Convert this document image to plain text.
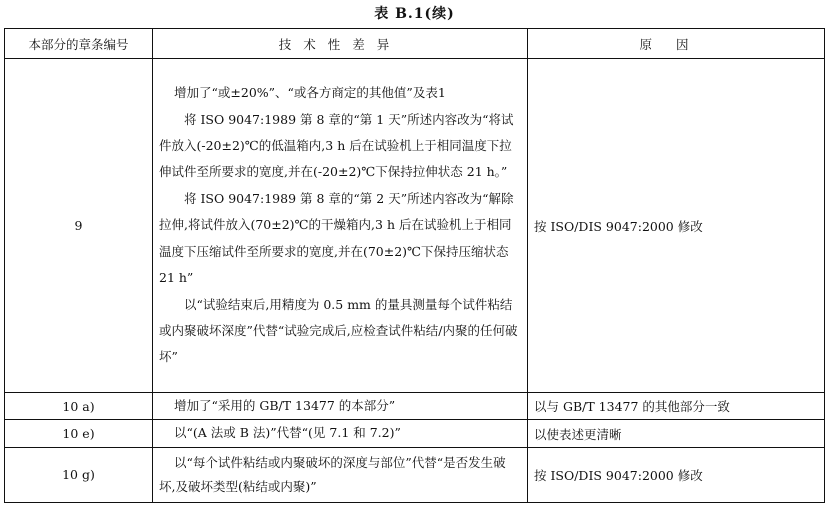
表 B.1(续)
本部分的章条编号	技术性差异	原因
9	增加了“或±20%”、“或各方商定的其他值”及表1

将 ISO 9047:1989 第 8 章的“第 1 天”所述内容改为“将试件放入(-20±2)℃的低温箱内,3 h 后在试验机上于相同温度下拉伸试件至所要求的宽度,并在(-20±2)℃下保持拉伸状态 21 h。”

将 ISO 9047:1989 第 8 章的“第 2 天”所述内容改为“解除拉伸,将试件放入(70±2)℃的干燥箱内,3 h 后在试验机上于相同温度下压缩试件至所要求的宽度,并在(70±2)℃下保持压缩状态 21 h”

以“试验结束后,用精度为 0.5 mm 的量具测量每个试件粘结或内聚破坏深度”代替“试验完成后,应检查试件粘结/内聚的任何破坏”	按 ISO/DIS 9047:2000 修改
10 a)	增加了“采用的 GB/T 13477 的本部分”	以与 GB/T 13477 的其他部分一致
10 e)	以“(A 法或 B 法)”代替“(见 7.1 和 7.2)”	以使表述更清晰
10 g)	以“每个试件粘结或内聚破坏的深度与部位”代替“是否发生破坏,及破坏类型(粘结或内聚)”	按 ISO/DIS 9047:2000 修改
